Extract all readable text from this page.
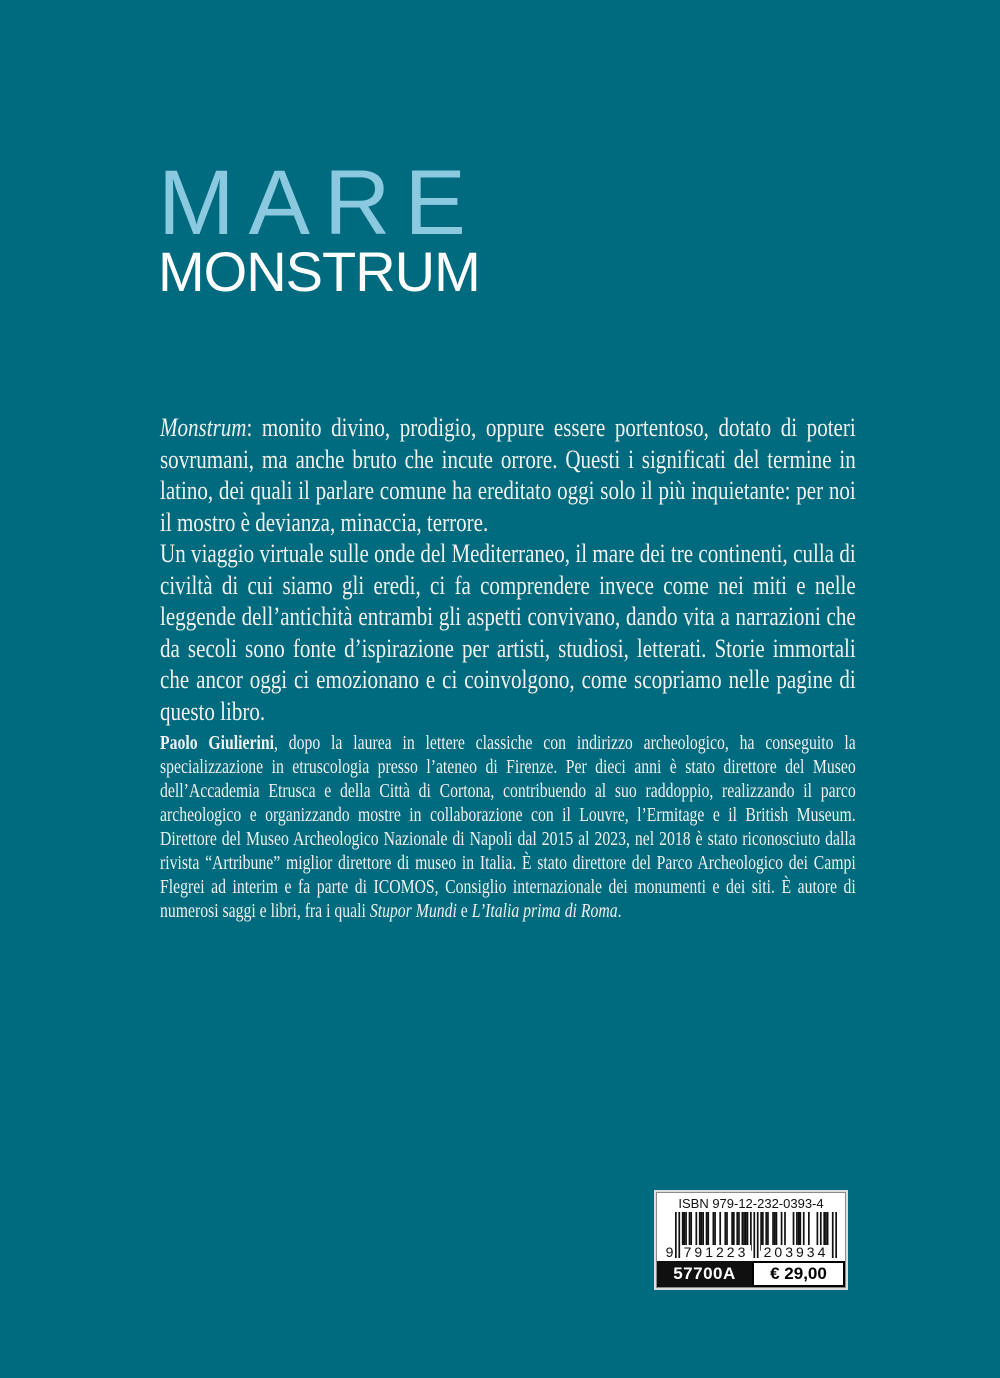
MARE
MONSTRUM

Monstrum: monito divino, prodigio, oppure essere portentoso, dotato di poteri sovrumani, ma anche bruto che incute orrore. Questi i significati del termine in latino, dei quali il parlare comune ha ereditato oggi solo il più inquietante: per noi il mostro è devianza, minaccia, terrore.

Un viaggio virtuale sulle onde del Mediterraneo, il mare dei tre continenti, culla di civiltà di cui siamo gli eredi, ci fa comprendere invece come nei miti e nelle leggende dell’antichità entrambi gli aspetti convivano, dando vita a narrazioni che da secoli sono fonte d’ispirazione per artisti, studiosi, letterati. Storie immortali che ancor oggi ci emozionano e ci coinvolgono, come scopriamo nelle pagine di questo libro.

Paolo Giulierini, dopo la laurea in lettere classiche con indirizzo archeologico, ha conseguito la specializzazione in etruscologia presso l’ateneo di Firenze. Per dieci anni è stato direttore del Museo dell’Accademia Etrusca e della Città di Cortona, contribuendo al suo raddoppio, realizzando il parco archeologico e organizzando mostre in collaborazione con il Louvre, l’Ermitage e il British Museum. Direttore del Museo Archeologico Nazionale di Napoli dal 2015 al 2023, nel 2018 è stato riconosciuto dalla rivista “Artribune” miglior direttore di museo in Italia. È stato direttore del Parco Archeologico dei Campi Flegrei ad interim e fa parte di ICOMOS, Consiglio internazionale dei monumenti e dei siti. È autore di numerosi saggi e libri, fra i quali Stupor Mundi e L’Italia prima di Roma.

ISBN 979-12-232-0393-4
9 791223 203934
57700A	€ 29,00
